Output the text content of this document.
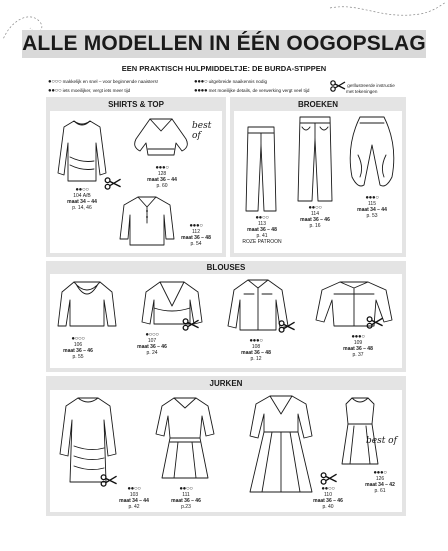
ALLE MODELLEN IN ÉÉN OOGOPSLAG
EEN PRAKTISCH HULPMIDDELTJE: DE BURDA-STIPPEN
●○○○ makkelijk en snel – voor beginnende naaisters!
●●○○ iets moeilijker, vergt iets meer tijd
●●●○ uitgebreide naaikennis nodig
●●●● met moeilijke details, de verwerking vergt veel tijd
geïllustreerde instructie
met tekeningen
SHIRTS & TOP
●●○○
104 A/B
maat 34 – 44
p. 14, 46
best of
●●●○
128
maat 36 – 44
p. 60
●●●○
112
maat 36 – 48
p. 54
BROEKEN
●●○○
113
maat 36 – 48
p. 41
ROZE PATROON
●●○○
114
maat 36 – 46
p. 16
●●●○
115
maat 34 – 44
p. 53
BLOUSES
●○○○
106
maat 36 – 46
p. 55
●○○○
107
maat 36 – 46
p. 24
●●●○
108
maat 36 – 48
p. 12
●●●○
109
maat 36 – 48
p. 37
JURKEN
●●○○
103
maat 34 – 44
p. 42
●●○○
111
maat 36 – 46
p.23
●●○○
110
maat 36 – 46
p. 40
best of
●●●○
126
maat 34 – 42
p. 61
